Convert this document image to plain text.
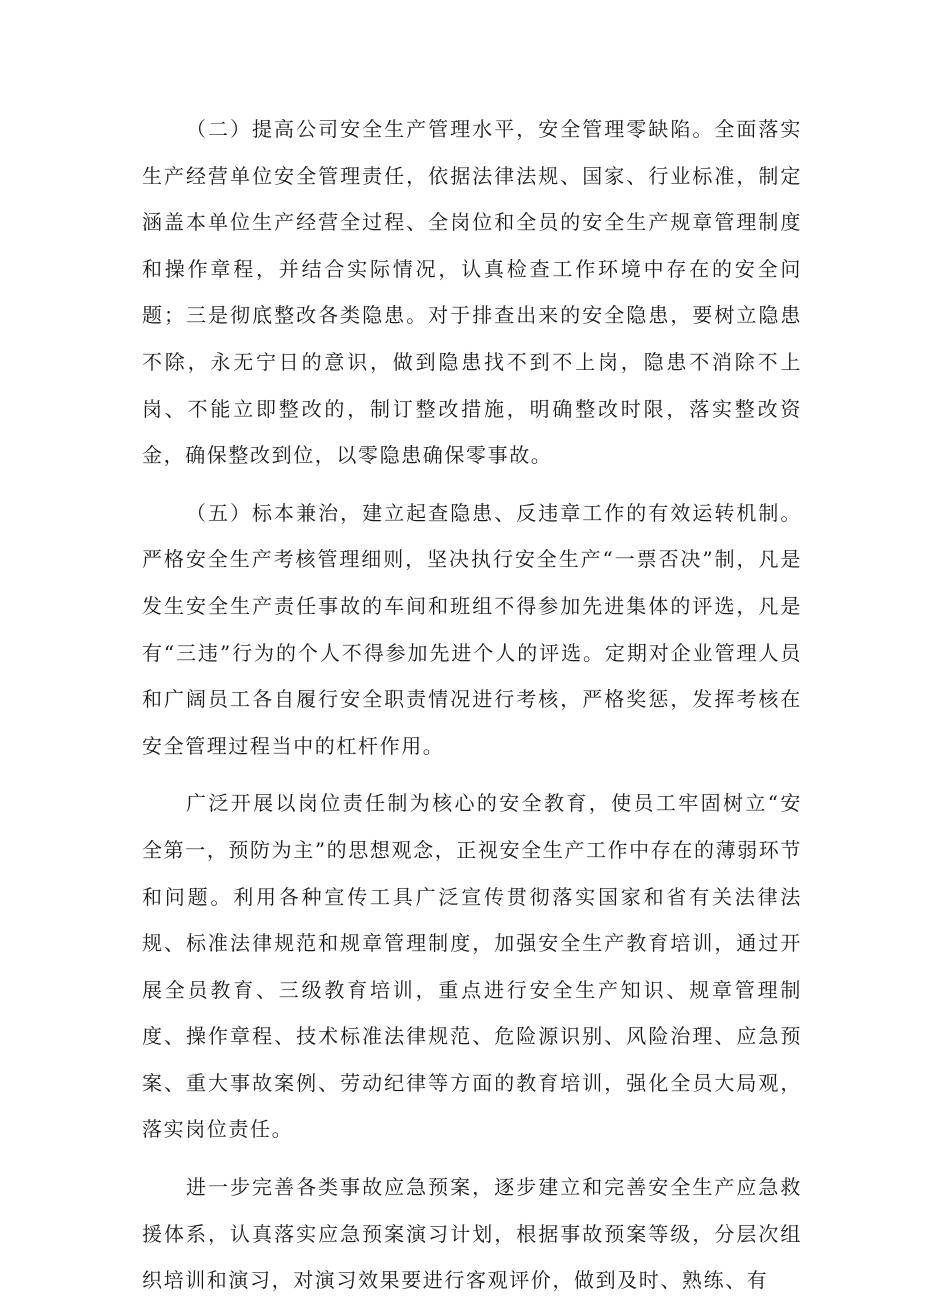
（二）提高公司安全生产管理水平，安全管理零缺陷。全面落实生产经营单位安全管理责任，依据法律法规、国家、行业标准，制定涵盖本单位生产经营全过程、全岗位和全员的安全生产规章管理制度和操作章程，并结合实际情况，认真检查工作环境中存在的安全问题；三是彻底整改各类隐患。对于排查出来的安全隐患，要树立隐患不除，永无宁日的意识，做到隐患找不到不上岗，隐患不消除不上岗、不能立即整改的，制订整改措施，明确整改时限，落实整改资金，确保整改到位，以零隐患确保零事故。

（五）标本兼治，建立起查隐患、反违章工作的有效运转机制。严格安全生产考核管理细则，坚决执行安全生产“一票否决”制，凡是发生安全生产责任事故的车间和班组不得参加先进集体的评选，凡是有“三违”行为的个人不得参加先进个人的评选。定期对企业管理人员和广阔员工各自履行安全职责情况进行考核，严格奖惩，发挥考核在安全管理过程当中的杠杆作用。

广泛开展以岗位责任制为核心的安全教育，使员工牢固树立“安全第一，预防为主”的思想观念，正视安全生产工作中存在的薄弱环节和问题。利用各种宣传工具广泛宣传贯彻落实国家和省有关法律法规、标准法律规范和规章管理制度，加强安全生产教育培训，通过开展全员教育、三级教育培训，重点进行安全生产知识、规章管理制度、操作章程、技术标准法律规范、危险源识别、风险治理、应急预案、重大事故案例、劳动纪律等方面的教育培训，强化全员大局观，落实岗位责任。

进一步完善各类事故应急预案，逐步建立和完善安全生产应急救援体系，认真落实应急预案演习计划，根据事故预案等级，分层次组织培训和演习，对演习效果要进行客观评价，做到及时、熟练、有
